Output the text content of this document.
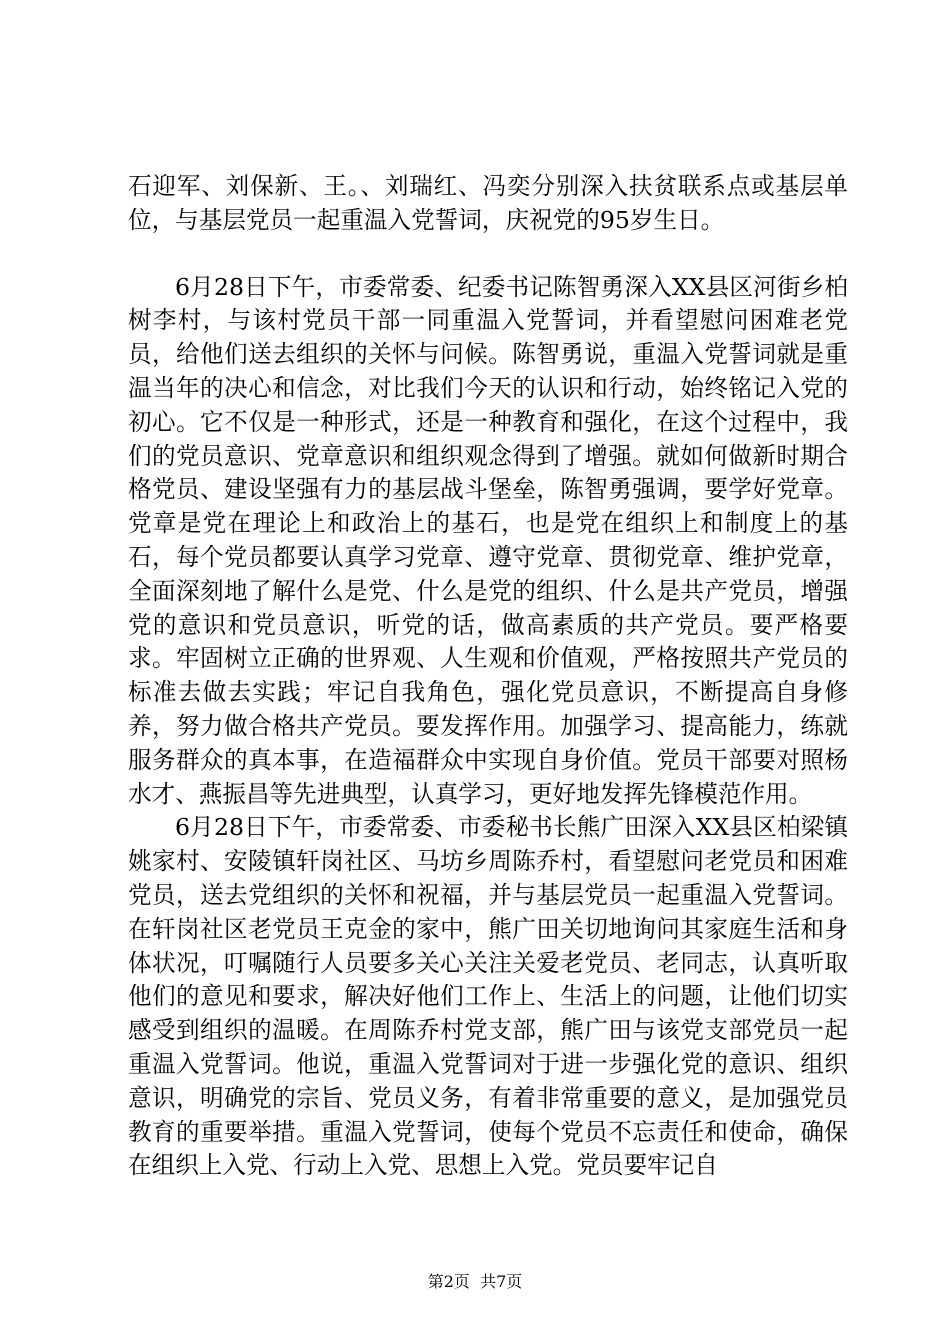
石迎军、刘保新、王。、刘瑞红、冯奕分别深入扶贫联系点或基层单位，与基层党员一起重温入党誓词，庆祝党的95岁生日。

6月28日下午，市委常委、纪委书记陈智勇深入XX县区河街乡柏树李村，与该村党员干部一同重温入党誓词，并看望慰问困难老党员，给他们送去组织的关怀与问候。陈智勇说，重温入党誓词就是重温当年的决心和信念，对比我们今天的认识和行动，始终铭记入党的初心。它不仅是一种形式，还是一种教育和强化，在这个过程中，我们的党员意识、党章意识和组织观念得到了增强。就如何做新时期合格党员、建设坚强有力的基层战斗堡垒，陈智勇强调，要学好党章。党章是党在理论上和政治上的基石，也是党在组织上和制度上的基石，每个党员都要认真学习党章、遵守党章、贯彻党章、维护党章，全面深刻地了解什么是党、什么是党的组织、什么是共产党员，增强党的意识和党员意识，听党的话，做高素质的共产党员。要严格要求。牢固树立正确的世界观、人生观和价值观，严格按照共产党员的标准去做去实践；牢记自我角色，强化党员意识，不断提高自身修养，努力做合格共产党员。要发挥作用。加强学习、提高能力，练就服务群众的真本事，在造福群众中实现自身价值。党员干部要对照杨水才、燕振昌等先进典型，认真学习，更好地发挥先锋模范作用。

6月28日下午，市委常委、市委秘书长熊广田深入XX县区柏梁镇姚家村、安陵镇轩岗社区、马坊乡周陈乔村，看望慰问老党员和困难党员，送去党组织的关怀和祝福，并与基层党员一起重温入党誓词。在轩岗社区老党员王克金的家中，熊广田关切地询问其家庭生活和身体状况，叮嘱随行人员要多关心关注关爱老党员、老同志，认真听取他们的意见和要求，解决好他们工作上、生活上的问题，让他们切实感受到组织的温暖。在周陈乔村党支部，熊广田与该党支部党员一起重温入党誓词。他说，重温入党誓词对于进一步强化党的意识、组织意识，明确党的宗旨、党员义务，有着非常重要的意义，是加强党员教育的重要举措。重温入党誓词，使每个党员不忘责任和使命，确保在组织上入党、行动上入党、思想上入党。党员要牢记自

第2页  共7页
